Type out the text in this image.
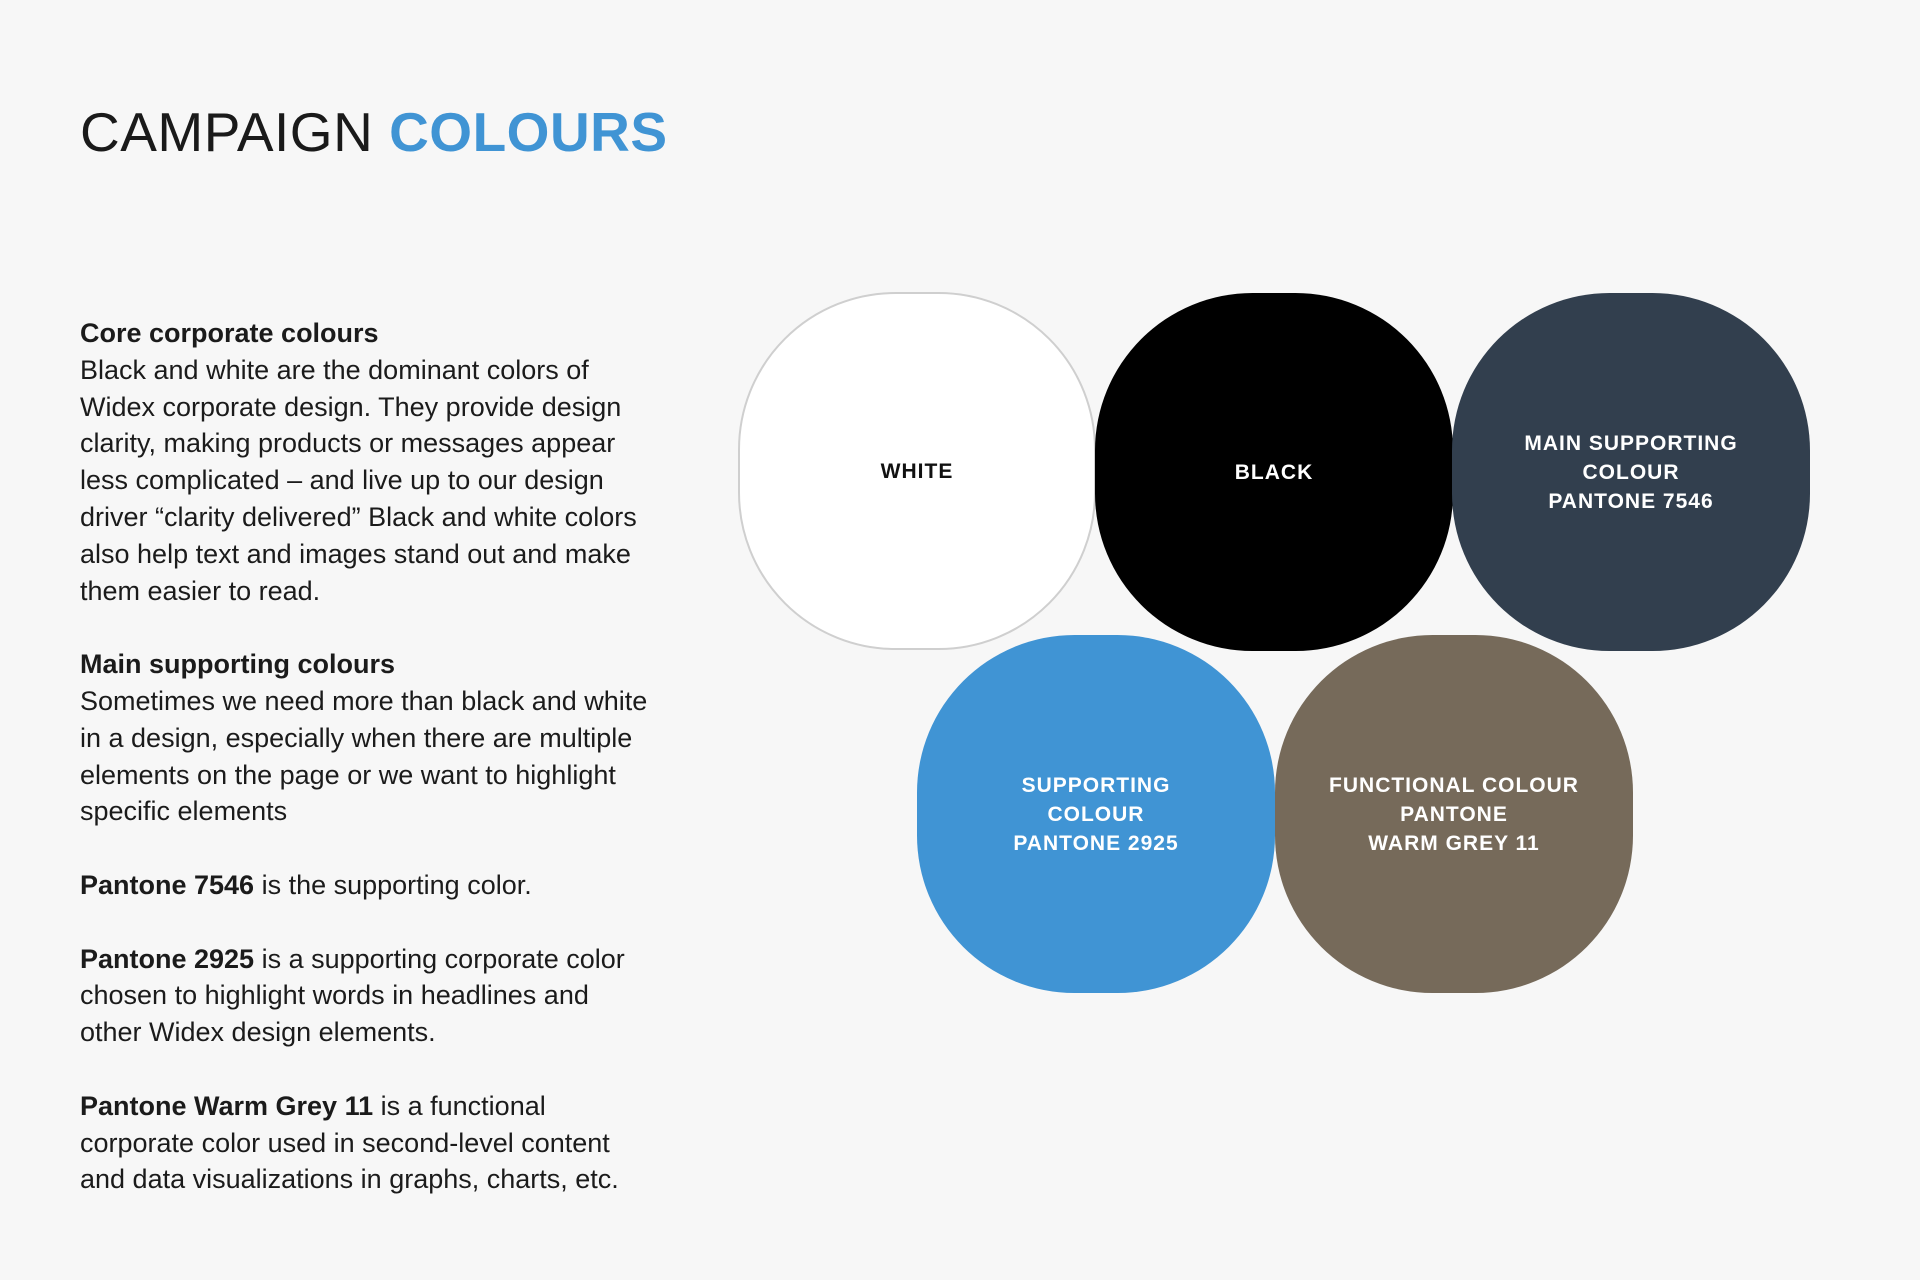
CAMPAIGN COLOURS

Core corporate colours
Black and white are the dominant colors of Widex corporate design. They provide design clarity, making products or messages appear less complicated – and live up to our design driver “clarity delivered” Black and white colors also help text and images stand out and make them easier to read.

Main supporting colours
Sometimes we need more than black and white in a design, especially when there are multiple elements on the page or we want to highlight specific elements

Pantone 7546 is the supporting color.

Pantone 2925 is a supporting corporate color chosen to highlight words in headlines and other Widex design elements.

Pantone Warm Grey 11 is a functional corporate color used in second-level content and data visualizations in graphs, charts, etc.

WHITE	BLACK
MAIN SUPPORTING
COLOUR
PANTONE 7546
SUPPORTING
COLOUR
PANTONE 2925
FUNCTIONAL COLOUR
PANTONE
WARM GREY 11
